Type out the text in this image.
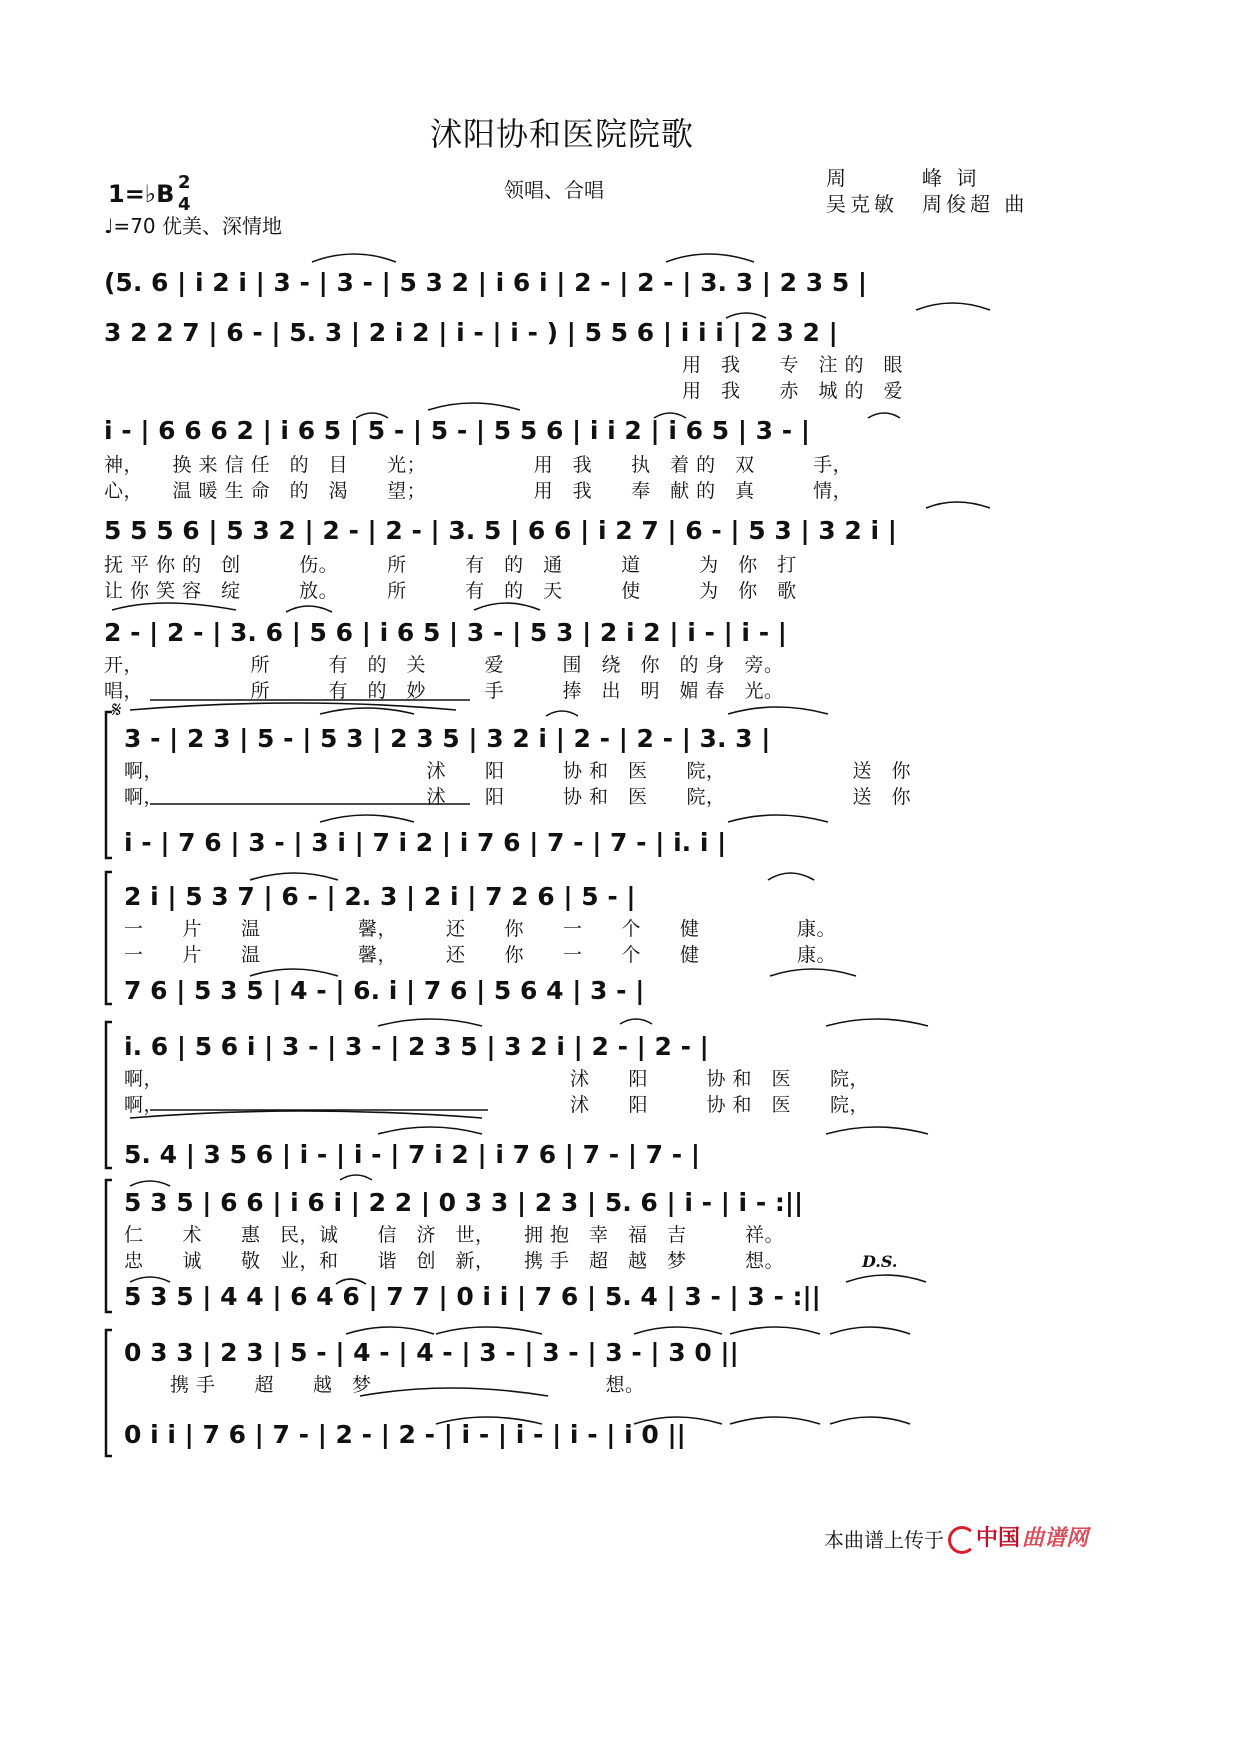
沭阳协和医院院歌
1=♭B 2
4
♩=70 优美、深情地
领唱、合唱	周　　　峰 词
吴克敏　周俊超 曲
(5. 6 | i 2 i | 3 - | 3 - | 5 3 2 | i 6 i | 2 - | 2 - | 3. 3 | 2 3 5 |
3 2 2 7 | 6 - | 5. 3 | 2 i 2 | i - | i - ) | 5 5 6 | i i i | 2 3 2 |
用　我　　专　注 的　眼
用　我　　赤　城 的　爱
i - | 6 6 6 2 | i 6 5 | 5 - | 5 - | 5 5 6 | i i 2 | i 6 5 | 3 - |
神，　　换 来 信 任　的　目　　光；　　　　　　用　我　　执　着 的　双　　　手，
心，　　温 暖 生 命　的　渴　　望；　　　　　　用　我　　奉　献 的　真　　　情，
5 5 5 6 | 5 3 2 | 2 - | 2 - | 3. 5 | 6 6 | i 2 7 | 6 - | 5 3 | 3 2 i |
抚 平 你 的　创　　　伤。　　　所　　　有　的　通　　　道　　　为　你　打
让 你 笑 容　绽　　　放。　　　所　　　有　的　天　　　使　　　为　你　歌
2 - | 2 - | 3. 6 | 5 6 | i 6 5 | 3 - | 5 3 | 2 i 2 | i - | i - |
开，　　　　　　所　　　有　的　关　　　爱　　　围　绕　你　的 身　旁。
唱，　　　　　　所　　　有　的　妙　　　手　　　捧　出　明　媚 春　光。
𝄋
3 - | 2 3 | 5 - | 5 3 | 2 3 5 | 3 2 i | 2 - | 2 - | 3. 3 |
啊，　　　　　　　　　　　　　　沭　　阳　　　协 和　医　　院，　　　　　　　送　你
啊，　　　　　　　　　　　　　　沭　　阳　　　协 和　医　　院，　　　　　　　送　你
i - | 7 6 | 3 - | 3 i | 7 i 2 | i 7 6 | 7 - | 7 - | i. i |
2 i | 5 3 7 | 6 - | 2. 3 | 2 i | 7 2 6 | 5 - |
一　　片　　温　　　　　馨，　　　还　　你　　一　　个　　健　　　　　康。
一　　片　　温　　　　　馨，　　　还　　你　　一　　个　　健　　　　　康。
7 6 | 5 3 5 | 4 - | 6. i | 7 6 | 5 6 4 | 3 - |
i. 6 | 5 6 i | 3 - | 3 - | 2 3 5 | 3 2 i | 2 - | 2 - |
啊，	沭　　阳　　　协 和　医　　院，
啊，	沭　　阳　　　协 和　医　　院，
5. 4 | 3 5 6 | i - | i - | 7 i 2 | i 7 6 | 7 - | 7 - |
5 3 5 | 6 6 | i 6 i | 2 2 | 0 3 3 | 2 3 | 5. 6 | i - | i - :||
仁　　术　　惠　民，诚　　信　济　世，　　拥 抱　幸　福　吉　　　祥。
忠　　诚　　敬　业，和　　谐　创　新，　　携 手　超　越　梦　　　想。	D.S.
5 3 5 | 4 4 | 6 4 6 | 7 7 | 0 i i | 7 6 | 5. 4 | 3 - | 3 - :||
0 3 3 | 2 3 | 5 - | 4 - | 4 - | 3 - | 3 - | 3 - | 3 0 ||
携 手　　超　　越　梦　　　　　　　　　　　　想。
0 i i | 7 6 | 7 - | 2 - | 2 - | i - | i - | i - | i 0 ||
本曲谱上传于 中国 曲谱网
